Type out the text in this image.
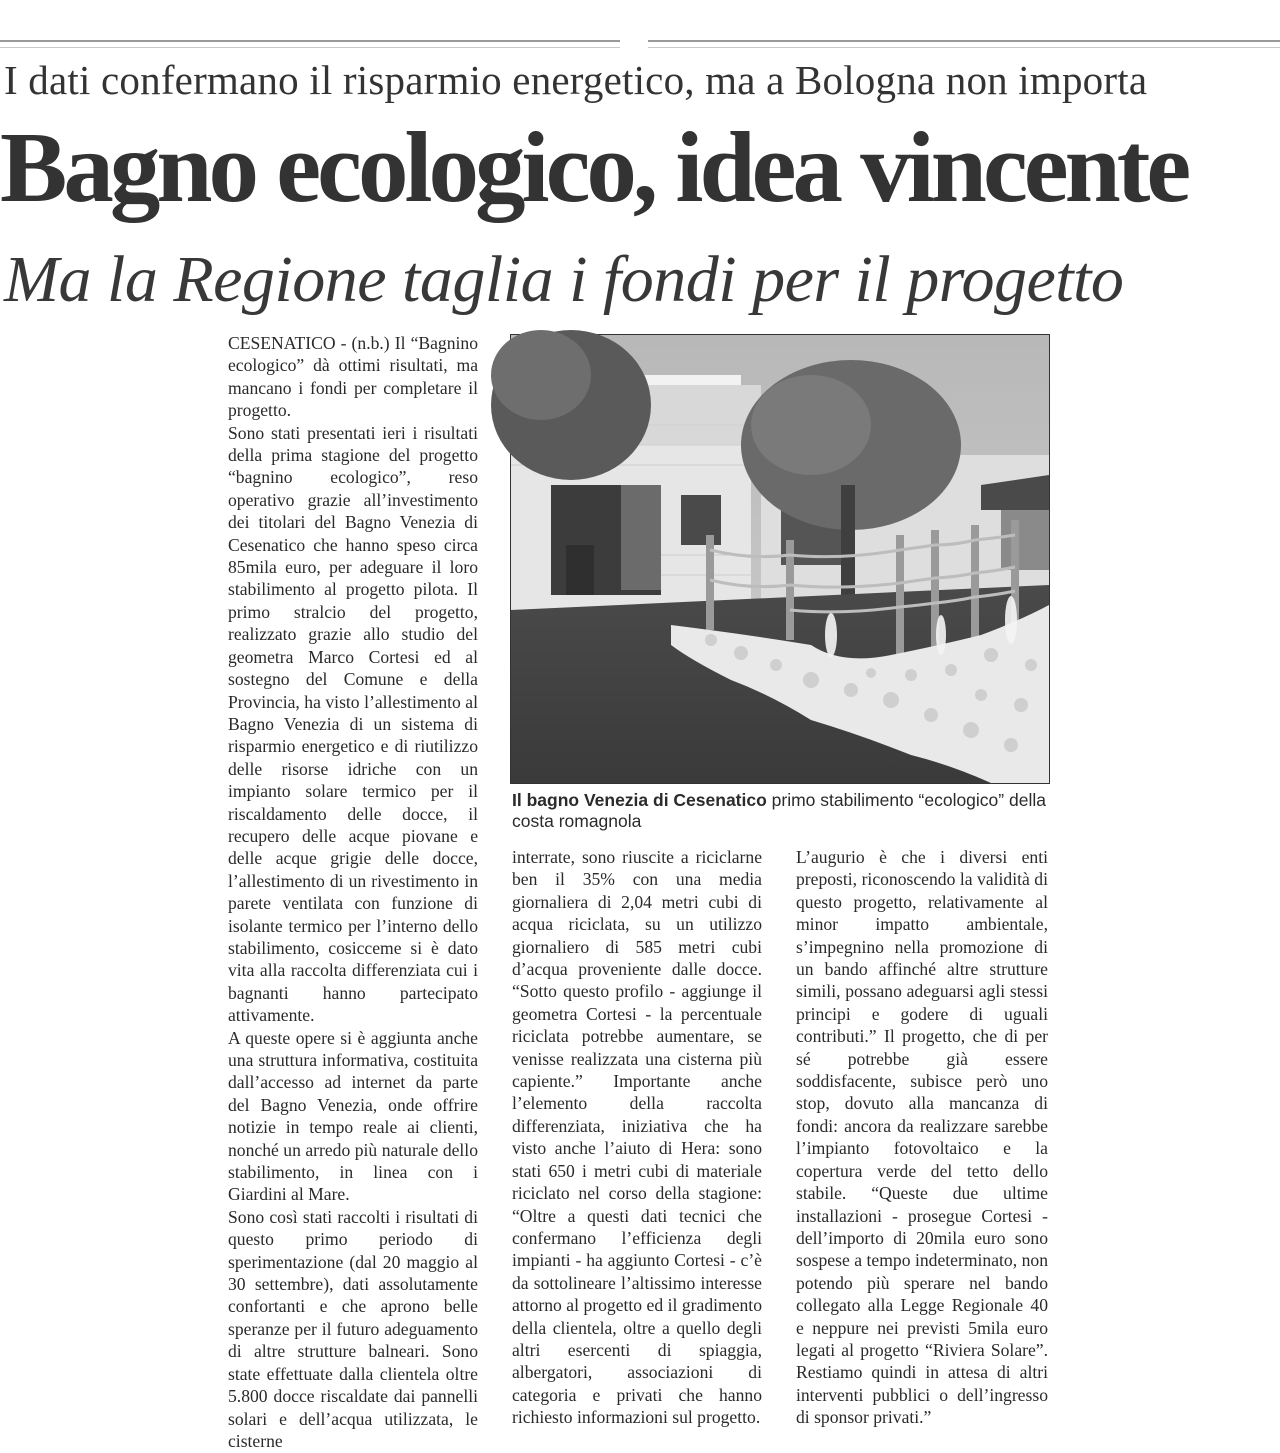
I dati confermano il risparmio energetico, ma a Bologna non importa
Bagno ecologico, idea vincente
Ma la Regione taglia i fondi per il progetto

CESENATICO - (n.b.) Il “Bagnino ecologico” dà ottimi risultati, ma mancano i fondi per completare il progetto.

Sono stati presentati ieri i risultati della prima stagione del progetto “bagnino ecologico”, reso operativo grazie all’investimento dei titolari del Bagno Venezia di Cesenatico che hanno speso circa 85mila euro, per adeguare il loro stabilimento al progetto pilota. Il primo stralcio del progetto, realizzato grazie allo studio del geometra Marco Cortesi ed al sostegno del Comune e della Provincia, ha visto l’allestimento al Bagno Venezia di un sistema di risparmio energetico e di riutilizzo delle risorse idriche con un impianto solare termico per il riscaldamento delle docce, il recupero delle acque piovane e delle acque grigie delle docce, l’allestimento di un rivestimento in parete ventilata con funzione di isolante termico per l’interno dello stabilimento, cosicceme si è dato vita alla raccolta differenziata cui i bagnanti hanno partecipato attivamente.

A queste opere si è aggiunta anche una struttura informativa, costituita dall’accesso ad internet da parte del Bagno Venezia, onde offrire notizie in tempo reale ai clienti, nonché un arredo più naturale dello stabilimento, in linea con i Giardini al Mare.

Sono così stati raccolti i risultati di questo primo periodo di sperimentazione (dal 20 maggio al 30 settembre), dati assolutamente confortanti e che aprono belle speranze per il futuro adeguamento di altre strutture balneari. Sono state effettuate dalla clientela oltre 5.800 docce riscaldate dai pannelli solari e dell’acqua utilizzata, le cisterne

Il bagno Venezia di Cesenatico primo stabilimento “ecologico” della costa romagnola

interrate, sono riuscite a riciclarne ben il 35% con una media giornaliera di 2,04 metri cubi di acqua riciclata, su un utilizzo giornaliero di 585 metri cubi d’acqua proveniente dalle docce. “Sotto questo profilo - aggiunge il geometra Cortesi - la percentuale riciclata potrebbe aumentare, se venisse realizzata una cisterna più capiente.” Importante anche l’elemento della raccolta differenziata, iniziativa che ha visto anche l’aiuto di Hera: sono stati 650 i metri cubi di materiale riciclato nel corso della stagione: “Oltre a questi dati tecnici che confermano l’efficienza degli impianti - ha aggiunto Cortesi - c’è da sottolineare l’altissimo interesse attorno al progetto ed il gradimento della clientela, oltre a quello degli altri esercenti di spiaggia, albergatori, associazioni di categoria e privati che hanno richiesto informazioni sul progetto.

L’augurio è che i diversi enti preposti, riconoscendo la validità di questo progetto, relativamente al minor impatto ambientale, s’impegnino nella promozione di un bando affinché altre strutture simili, possano adeguarsi agli stessi principi e godere di uguali contributi.” Il progetto, che di per sé potrebbe già essere soddisfacente, subisce però uno stop, dovuto alla mancanza di fondi: ancora da realizzare sarebbe l’impianto fotovoltaico e la copertura verde del tetto dello stabile. “Queste due ultime installazioni - prosegue Cortesi - dell’importo di 20mila euro sono sospese a tempo indeterminato, non potendo più sperare nel bando collegato alla Legge Regionale 40 e neppure nei previsti 5mila euro legati al progetto “Riviera Solare”. Restiamo quindi in attesa di altri interventi pubblici o dell’ingresso di sponsor privati.”
